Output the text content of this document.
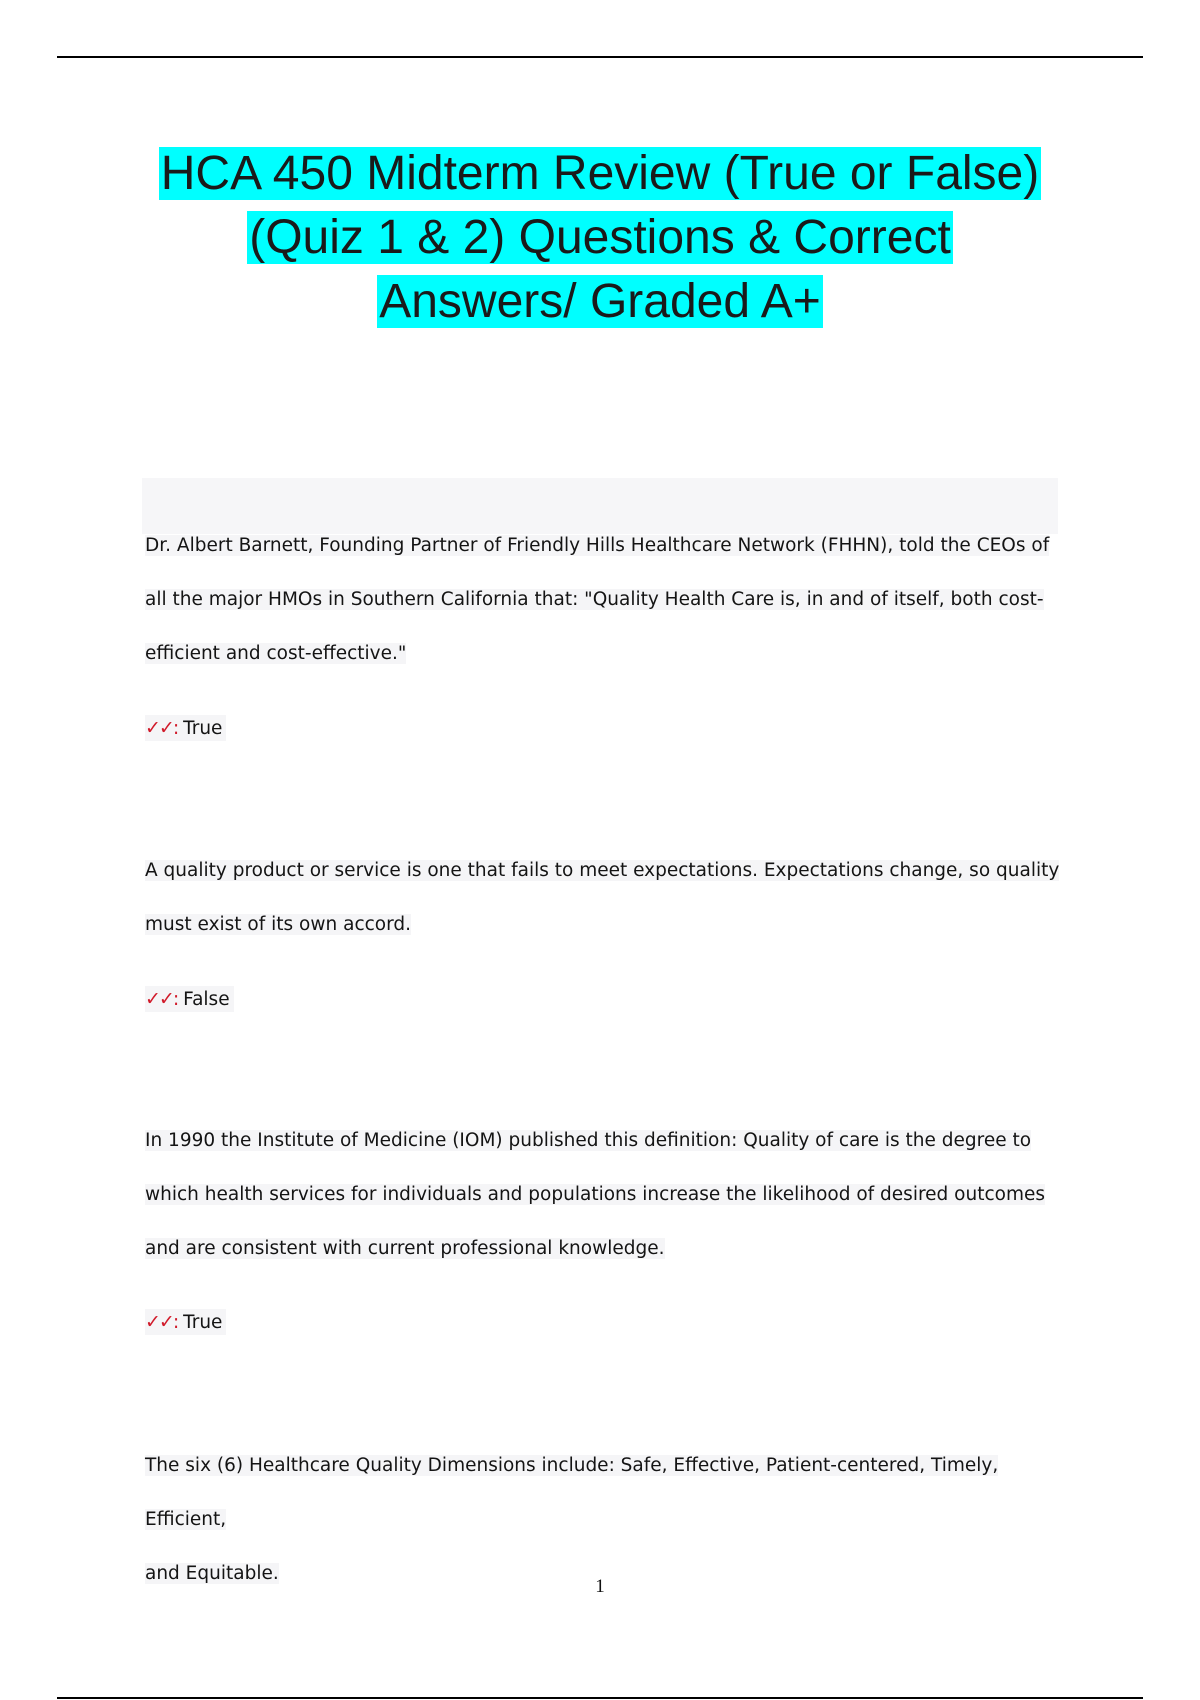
HCA 450 Midterm Review (True or False)
(Quiz 1 & 2) Questions & Correct
Answers/ Graded A+
Dr. Albert Barnett, Founding Partner of Friendly Hills Healthcare Network (FHHN), told the CEOs of
all the major HMOs in Southern California that: "Quality Health Care is, in and of itself, both cost-
efficient and cost-effective."
✓✓: True
A quality product or service is one that fails to meet expectations. Expectations change, so quality
must exist of its own accord.
✓✓: False
In 1990 the Institute of Medicine (IOM) published this definition: Quality of care is the degree to
which health services for individuals and populations increase the likelihood of desired outcomes
and are consistent with current professional knowledge.
✓✓: True
The six (6) Healthcare Quality Dimensions include: Safe, Effective, Patient-centered, Timely, Efficient,
and Equitable.
1
